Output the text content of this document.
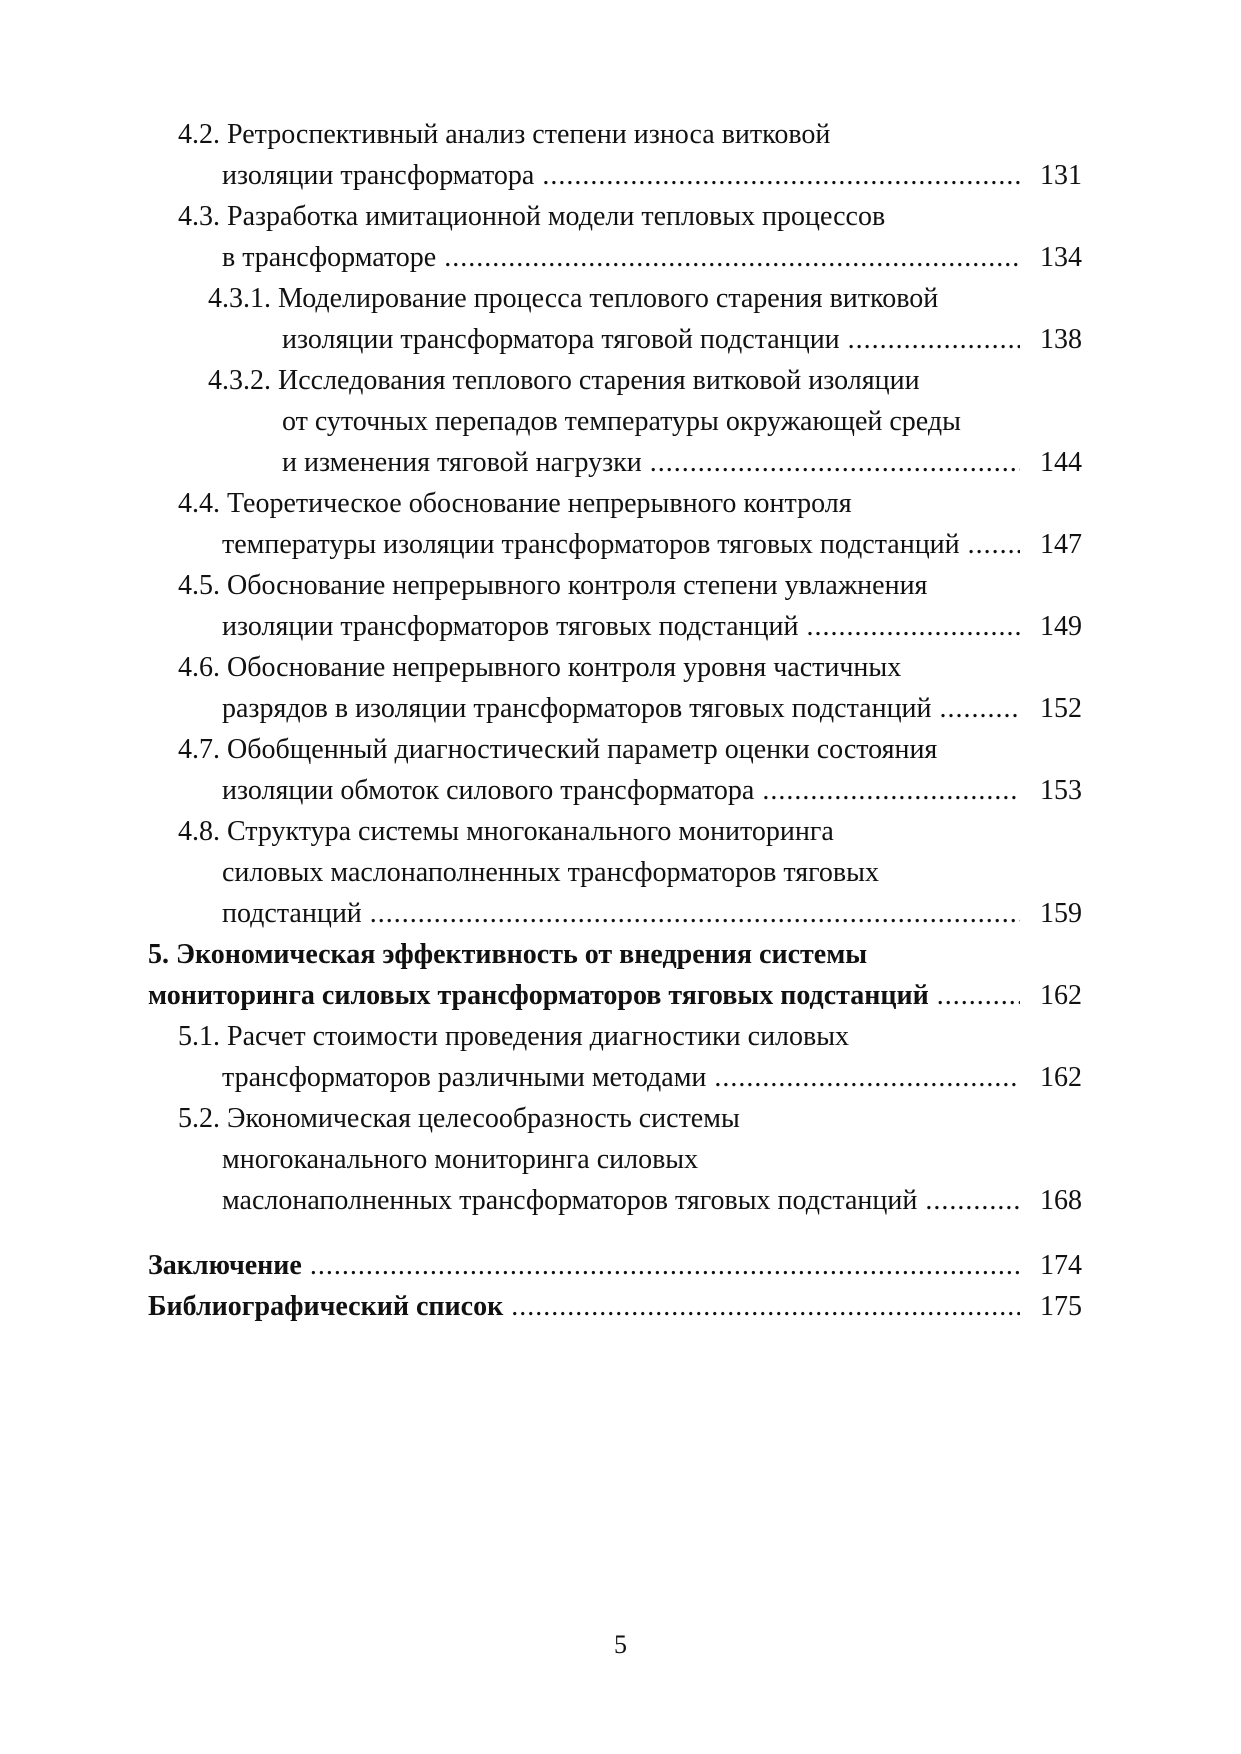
4.2. Ретроспективный анализ степени износа витковой
изоляции трансформатора .....	131
4.3. Разработка имитационной модели тепловых процессов
в трансформаторе .....	134
4.3.1. Моделирование процесса теплового старения витковой
изоляции трансформатора тяговой подстанции .....	138
4.3.2. Исследования теплового старения витковой изоляции
от суточных перепадов температуры окружающей среды
и изменения тяговой нагрузки .....	144
4.4. Теоретическое обоснование непрерывного контроля
температуры изоляции трансформаторов тяговых подстанций .....	147
4.5. Обоснование непрерывного контроля степени увлажнения
изоляции трансформаторов тяговых подстанций .....	149
4.6. Обоснование непрерывного контроля уровня частичных
разрядов в изоляции трансформаторов тяговых подстанций .....	152
4.7. Обобщенный диагностический параметр оценки состояния
изоляции обмоток силового трансформатора .....	153
4.8. Структура системы многоканального мониторинга
силовых маслонаполненных трансформаторов тяговых
подстанций .....	159
5. Экономическая эффективность от внедрения системы
мониторинга силовых трансформаторов тяговых подстанций .....	162
5.1. Расчет стоимости проведения диагностики силовых
трансформаторов различными методами .....	162
5.2. Экономическая целесообразность системы
многоканального мониторинга силовых
маслонаполненных трансформаторов тяговых подстанций .....	168
Заключение .....	174
Библиографический список .....	175
5
